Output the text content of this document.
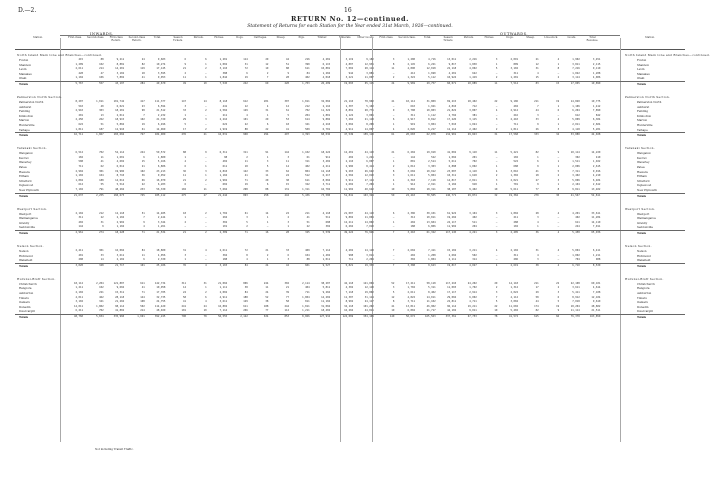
D.—2.	16
RETURN No. 12—continued.
Statement of Returns for each Station for the Year ended 31st March, 1926—continued.
INWARDS.	OUTWARDS.
Station.	First-class.	Second-class.	First-class Return.
Second-class Return.
Total.	Season Tickets.
Parcels.	Horses.	Dogs.	Carriages.	Sheep.	Pigs.	Timber.	Minerals.	Other Goods.	First-class.	Second-class.	Total.	Season Tickets.
Parcels.	Horses.	Dogs.	Sheep.	Live-stock.	Goods.	Total Revenue.
Station.
North Island Main Line and Branches—continued.	North Island Main Line and Branches—continued.
Foxton	415	88	9,211	24	9,603	6	6	1,201	114	29	44	216	4,281	3,119	9,182	3	1,200	4,716	13,011	2,216	3	2,091	21	4	1,902	3,451	Foxton
Shannon	1,209	102	8,881	82	10,274	9	1	1,002	31	12	51	390	6,115	4,807	12,931	8	2,145	6,221	9,817	1,830	1	809	12	1	3,811	2,115	Shannon
Levin	2,611	214	14,201	119	17,145	21	2	3,110	72	19	88	611	10,881	7,002	28,114	11	4,890	12,018	22,118	4,002	5	3,102	31	8	7,216	9,110	Levin
Manakau	428	47	3,102	18	3,595	2	—	388	6	2	9	84	1,204	944	3,881	—	412	1,690	4,201	622	—	311	4	—	1,022	1,208	Manakau
Otaki	1,104	106	7,802	41	9,053	11	1	1,844	19	7	28	402	4,018	3,221	11,007	2	1,322	5,112	10,924	1,419	2	1,201	15	2	3,114	4,006	Otaki
Totals	5,767	557	43,197	284	49,670	49	10	7,545	242	69	220	1,703	26,499	19,093	65,115	24	9,969	29,757	60,071	10,089	11	7,514	83	15	17,065	19,890	Totals
Palmerston North Section.	Palmerston North Section.
Palmerston North	8,207	1,011	101,742	417	111,377	147	14	8,118	612	201	307	1,811	32,004	21,110	78,902	41	10,112	31,809	69,215	18,402	22	9,106	211	19	14,820	19,775	Palmerston North
Ashhurst	510	40	6,021	23	6,594	3	—	441	12	4	12	212	2,116	1,307	5,102	—	610	1,921	4,810	712	—	402	7	1	1,106	1,412	Ashhurst
Feilding	2,910	303	18,201	98	21,512	33	2	2,504	129	31	61	702	11,322	8,891	28,771	9	3,708	10,003	21,822	3,807	4	2,912	44	6	6,204	7,890	Feilding
Kimbolton	201	13	2,011	7	2,232	1	—	211	4	1	5	204	1,801	1,122	3,001	—	311	1,112	2,704	381	—	216	3	—	612	842	Kimbolton
Marton	2,450	262	18,915	102	21,729	29	3	2,216	101	29	53	614	9,882	7,204	21,118	6	2,917	8,812	17,226	3,115	3	2,410	33	4	5,009	6,304	Marton
Hunterville	622	51	5,804	19	6,496	5	—	622	22	6	18	341	4,210	3,004	8,209	1	919	3,004	7,010	1,024	—	711	9	1	2,011	2,604	Hunterville
Taihape	1,811	187	12,910	61	14,969	17	2	1,919	88	22	41	509	6,701	4,911	14,007	4	2,026	6,217	12,114	2,402	2	1,811	26	3	4,118	5,201	Taihape
Totals	16,711	1,867	165,604	727	184,909	235	21	16,031	968	294	497	4,393	68,036	47,549	159,110	61	20,603	62,878	134,901	29,843	31	17,568	333	34	33,880	44,028	Totals
Taranaki Section.	Taranaki Section.
Wanganui	6,512	702	52,114	244	59,572	88	9	6,311	311	91	144	1,102	18,224	12,401	44,110	21	6,204	19,910	41,002	9,110	11	5,421	82	9	10,114	14,220	Wanganui
Kai Iwi	182	11	1,601	6	1,800	1	—	98	2	1	3	61	911	402	1,221	—	144	522	1,004	201	—	102	1	—	302	410	Kai Iwi
Waverley	508	41	4,602	15	5,166	4	—	402	11	3	11	311	3,402	2,110	6,007	1	801	2,514	5,611	702	—	522	6	1	1,511	1,922	Waverley
Patea	711	62	6,012	21	6,806	6	1	611	18	5	14	402	4,211	2,906	8,414	2	1,012	3,303	6,808	1,002	1	688	9	1	2,006	2,615	Patea
Hawera	2,904	301	19,906	102	23,213	36	3	2,810	122	33	62	804	12,118	9,203	26,622	8	3,604	10,912	23,007	4,110	4	3,016	41	5	7,311	9,016	Hawera
Eltham	1,102	104	8,710	36	9,952	11	1	1,104	41	11	24	512	6,217	4,504	12,010	3	1,611	5,004	10,311	1,618	2	1,302	18	2	3,402	4,210	Eltham
Stratford	1,804	188	14,012	66	16,070	21	2	1,902	71	20	38	611	8,004	5,911	17,114	4	2,318	7,118	14,817	2,811	3	2,021	27	3	5,006	6,404	Stratford
Inglewood	612	55	5,514	22	6,203	6	—	602	19	6	15	322	3,711	2,602	7,204	1	914	2,911	6,104	918	1	701	9	1	2,104	2,612	Inglewood
New Plymouth	7,102	791	48,204	233	56,330	102	11	7,604	298	88	131	1,311	16,702	11,902	40,622	19	5,802	18,311	38,107	9,402	10	5,611	77	8	9,811	13,402	New Plymouth
Totals	21,637	2,255	160,673	745	185,112	275	27	21,444	893	258	442	5,436	73,500	51,841	163,324	59	22,410	70,505	146,771	29,874	32	19,384	270	30	41,567	54,811	Totals
Westport Section.	Westport Section.
Westport	2,104	212	12,118	51	14,485	18	2	1,702	61	14	22	211	4,118	21,007	44,110	6	2,306	30,101	61,922	3,104	3	1,804	28	4	4,201	33,611	Westport
Waimangaroa	311	22	2,104	7	2,444	1	—	204	3	1	2	41	511	9,802	11,004	—	312	10,811	19,204	402	—	211	3	—	402	11,204	Waimangaroa
Granity	402	31	2,902	9	3,344	2	—	302	5	1	3	51	608	12,211	14,802	1	404	13,604	24,117	511	—	288	4	—	611	14,110	Granity
Seddonville	144	9	1,104	4	1,261	—	—	101	2	—	1	22	302	6,204	7,010	—	188	6,806	11,902	204	—	102	1	—	244	7,011	Seddonville
Totals	2,961	274	18,228	71	21,534	21	2	2,309	71	16	28	325	5,539	49,224	76,926	7	3,210	61,322	117,145	4,221	3	2,405	36	4	5,458	65,936	Totals
Nelson Section.	Nelson Section.
Nelson	2,411	301	16,004	84	18,800	31	4	2,611	72	21	33	409	7,114	4,202	14,118	7	2,604	7,411	15,102	3,211	4	2,102	31	4	5,004	6,411	Nelson
Richmond	401	33	3,611	11	4,056	3	—	304	8	2	6	104	1,402	908	3,011	—	402	1,208	2,604	502	—	311	4	—	1,002	1,211	Richmond
Wakefield	208	14	2,102	6	2,330	1	—	188	4	1	3	88	1,011	711	2,204	—	302	1,004	2,111	314	—	206	3	—	704	908	Wakefield
Totals	3,020	348	21,717	101	25,186	35	4	3,103	84	24	42	601	9,527	5,821	19,333	7	3,308	9,623	19,817	4,027	4	2,619	38	4	6,710	8,530	Totals
Hurunui-Bluff Section.	Hurunui-Bluff Section.
Christchurch	18,112	2,204	121,807	611	142,734	311	31	21,004	806	244	302	2,114	38,207	42,118	121,004	52	17,211	58,118	117,210	24,202	29	14,118	211	22	22,108	60,101	Christchurch
Rangiora	1,211	102	9,604	41	10,958	14	1	1,111	38	11	21	404	5,811	4,302	12,118	3	1,702	5,311	11,003	1,702	2	1,312	17	2	3,611	4,614	Rangiora
Ashburton	2,102	221	15,311	71	17,705	24	2	2,002	84	24	39	711	9,204	7,118	19,802	5	2,611	8,402	17,117	2,914	3	2,022	29	3	5,411	7,108	Ashburton
Timaru	4,011	462	28,118	144	32,735	58	6	4,911	188	52	77	1,004	14,202	11,307	31,114	12	4,822	14,011	29,004	6,002	7	4,112	58	6	8,912	12,104	Timaru
Oamaru	3,102	341	21,204	108	24,755	41	4	3,611	129	38	58	811	11,104	8,902	24,117	8	3,711	11,102	22,811	4,711	5	3,004	44	5	7,018	9,610	Oamaru
Dunedin	14,011	1,802	98,114	502	114,429	241	24	16,802	611	188	244	1,811	31,004	34,118	101,202	41	13,811	46,902	96,114	19,211	22	11,602	174	19	18,204	48,802	Dunedin
Invercargill	6,211	702	41,802	214	48,929	101	10	7,114	266	77	112	1,211	18,402	16,204	44,811	19	6,804	21,717	44,102	9,011	10	5,402	82	9	11,114	21,511	Invercargill
Totals	48,760	5,834	335,960	1,691	392,245	790	78	56,555	2,122	634	853	8,066	127,934	124,069	354,169	140	50,672	165,563	337,361	67,753	78	41,572	615	66	76,378	163,850	Totals
Not including Transit Traffic.
